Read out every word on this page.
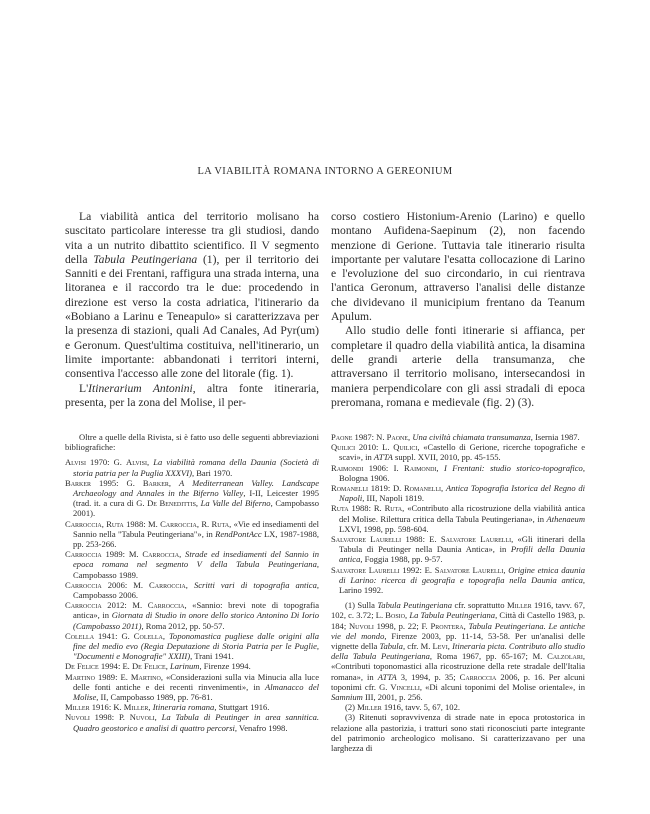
LA VIABILITÀ ROMANA INTORNO A GEREONIUM

La viabilità antica del territorio molisano ha suscitato particolare interesse tra gli studiosi, dando vita a un nutrito dibattito scientifico. Il V segmento della Tabula Peutingeriana (1), per il territorio dei Sanniti e dei Frentani, raffigura una strada interna, una litoranea e il raccordo tra le due: procedendo in direzione est verso la costa adriatica, l'itinerario da «Bobiano a Larinu e Teneapulo» si caratterizzava per la presenza di stazioni, quali Ad Canales, Ad Pyr(um) e Geronum. Quest'ultima costituiva, nell'itinerario, un limite importante: abbandonati i territori interni, consentiva l'accesso alle zone del litorale (fig. 1).

L'Itinerarium Antonini, altra fonte itineraria, presenta, per la zona del Molise, il per-

corso costiero Histonium-Arenio (Larino) e quello montano Aufidena-Saepinum (2), non facendo menzione di Gerione. Tuttavia tale itinerario risulta importante per valutare l'esatta collocazione di Larino e l'evoluzione del suo circondario, in cui rientrava l'antica Geronum, attraverso l'analisi delle distanze che dividevano il municipium frentano da Teanum Apulum.

Allo studio delle fonti itinerarie si affianca, per completare il quadro della viabilità antica, la disamina delle grandi arterie della transumanza, che attraversano il territorio molisano, intersecandosi in maniera perpendicolare con gli assi stradali di epoca preromana, romana e medievale (fig. 2) (3).

Oltre a quelle della Rivista, si è fatto uso delle seguenti abbreviazioni bibliografiche:

Alvisi 1970: G. Alvisi, La viabilità romana della Daunia (Società di storia patria per la Puglia XXXVI), Bari 1970.

Barker 1995: G. Barker, A Mediterranean Valley. Landscape Archaeology and Annales in the Biferno Valley, I-II, Leicester 1995 (trad. it. a cura di G. De Benedittis, La Valle del Biferno, Campobasso 2001).

Carroccia, Ruta 1988: M. Carroccia, R. Ruta, «Vie ed insediamenti del Sannio nella "Tabula Peutingeriana"», in RendPontAcc LX, 1987-1988, pp. 253-266.

Carroccia 1989: M. Carroccia, Strade ed insediamenti del Sannio in epoca romana nel segmento V della Tabula Peutingeriana, Campobasso 1989.

Carroccia 2006: M. Carroccia, Scritti vari di topografia antica, Campobasso 2006.

Carroccia 2012: M. Carroccia, «Sannio: brevi note di topografia antica», in Giornata di Studio in onore dello storico Antonino Di Iorio (Campobasso 2011), Roma 2012, pp. 50-57.

Colella 1941: G. Colella, Toponomastica pugliese dalle origini alla fine del medio evo (Regia Deputazione di Storia Patria per le Puglie, "Documenti e Monografie" XXIII), Trani 1941.

De Felice 1994: E. De Felice, Larinum, Firenze 1994.

Martino 1989: E. Martino, «Considerazioni sulla via Minucia alla luce delle fonti antiche e dei recenti rinvenimenti», in Almanacco del Molise, II, Campobasso 1989, pp. 76-81.

Miller 1916: K. Miller, Itineraria romana, Stuttgart 1916.

Nuvoli 1998: P. Nuvoli, La Tabula di Peutinger in area sannitica. Quadro geostorico e analisi di quattro percorsi, Venafro 1998.

Paone 1987: N. Paone, Una civiltà chiamata transumanza, Isernia 1987.

Quilici 2010: L. Quilici, «Castello di Gerione, ricerche topografiche e scavi», in ATTA suppl. XVII, 2010, pp. 45-155.

Raimondi 1906: I. Raimondi, I Frentani: studio storico-topografico, Bologna 1906.

Romanelli 1819: D. Romanelli, Antica Topografia Istorica del Regno di Napoli, III, Napoli 1819.

Ruta 1988: R. Ruta, «Contributo alla ricostruzione della viabilità antica del Molise. Rilettura critica della Tabula Peutingeriana», in Athenaeum LXVI, 1998, pp. 598-604.

Salvatore Laurelli 1988: E. Salvatore Laurelli, «Gli itinerari della Tabula di Peutinger nella Daunia Antica», in Profili della Daunia antica, Foggia 1988, pp. 9-57.

Salvatore Laurelli 1992: E. Salvatore Laurelli, Origine etnica daunia di Larino: ricerca di geografia e topografia nella Daunia antica, Larino 1992.

(1) Sulla Tabula Peutingeriana cfr. soprattutto Miller 1916, tavv. 67, 102, c. 3.72; L. Bosio, La Tabula Peutingeriana, Città di Castello 1983, p. 184; Nuvoli 1998, p. 22; F. Prontera, Tabula Peutingeriana. Le antiche vie del mondo, Firenze 2003, pp. 11-14, 53-58. Per un'analisi delle vignette della Tabula, cfr. M. Levi, Itineraria picta. Contributo allo studio della Tabula Peutingeriana, Roma 1967, pp. 65-167; M. Calzolari, «Contributi toponomastici alla ricostruzione della rete stradale dell'Italia romana», in ATTA 3, 1994, p. 35; Carroccia 2006, p. 16. Per alcuni toponimi cfr. G. Vincelli, «Di alcuni toponimi del Molise orientale», in Samnium III, 2001, p. 256.

(2) Miller 1916, tavv. 5, 67, 102.

(3) Ritenuti sopravvivenza di strade nate in epoca protostorica in relazione alla pastorizia, i tratturi sono stati riconosciuti parte integrante del patrimonio archeologico molisano. Si caratterizzavano per una larghezza di
